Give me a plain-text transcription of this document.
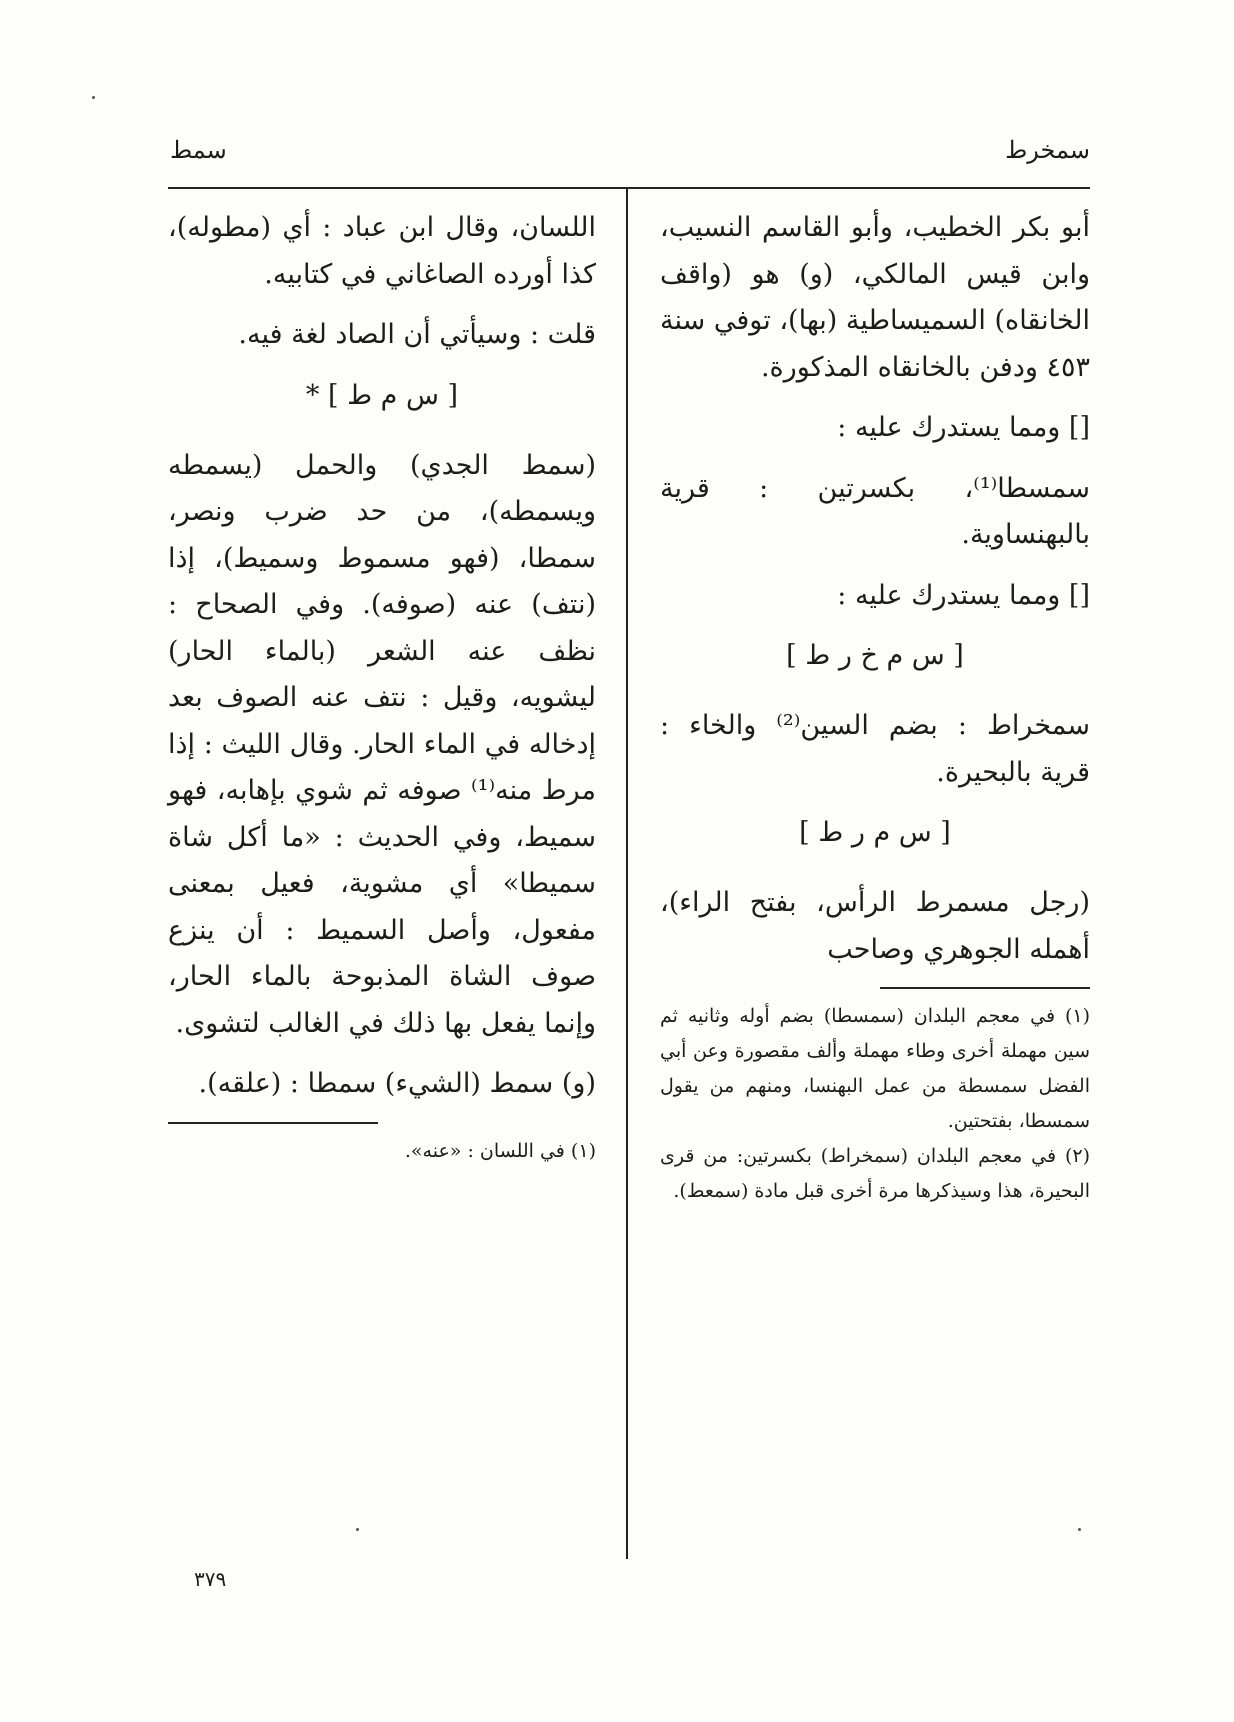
سمخرط
سمط

أبو بكر الخطيب، وأبو القاسم النسيب، وابن قيس المالكي، (و) هو (واقف الخانقاه) السميساطية (بها)، توفي سنة ٤٥٣ ودفن بالخانقاه المذكورة.

[] ومما يستدرك عليه :

سمسطا⁽¹⁾، بكسرتين : قرية بالبهنساوية.

[] ومما يستدرك عليه :

[ س م خ ر ط ]

سمخراط : بضم السين⁽²⁾ والخاء : قرية بالبحيرة.

[ س م ر ط ]

(رجل مسمرط الرأس، بفتح الراء)، أهمله الجوهري وصاحب

(١) في معجم البلدان (سمسطا) بضم أوله وثانيه ثم سين مهملة أخرى وطاء مهملة وألف مقصورة وعن أبي الفضل سمسطة من عمل البهنسا، ومنهم من يقول سمسطا، بفتحتين.

(٢) في معجم البلدان (سمخراط) بكسرتين: من قرى البحيرة، هذا وسيذكرها مرة أخرى قبل مادة (سمعط).

اللسان، وقال ابن عباد : أي (مطوله)، كذا أورده الصاغاني في كتابيه.

قلت : وسيأتي أن الصاد لغة فيه.

[ س م ط ] *

(سمط الجدي) والحمل (يسمطه ويسمطه)، من حد ضرب ونصر، سمطا، (فهو مسموط وسميط)، إذا (نتف) عنه (صوفه). وفي الصحاح : نظف عنه الشعر (بالماء الحار) ليشويه، وقيل : نتف عنه الصوف بعد إدخاله في الماء الحار. وقال الليث : إذا مرط منه⁽¹⁾ صوفه ثم شوي بإهابه، فهو سميط، وفي الحديث : «ما أكل شاة سميطا» أي مشوية، فعيل بمعنى مفعول، وأصل السميط : أن ينزع صوف الشاة المذبوحة بالماء الحار، وإنما يفعل بها ذلك في الغالب لتشوى.

(و) سمط (الشيء) سمطا : (علقه).

(١) في اللسان : «عنه».

٣٧٩
